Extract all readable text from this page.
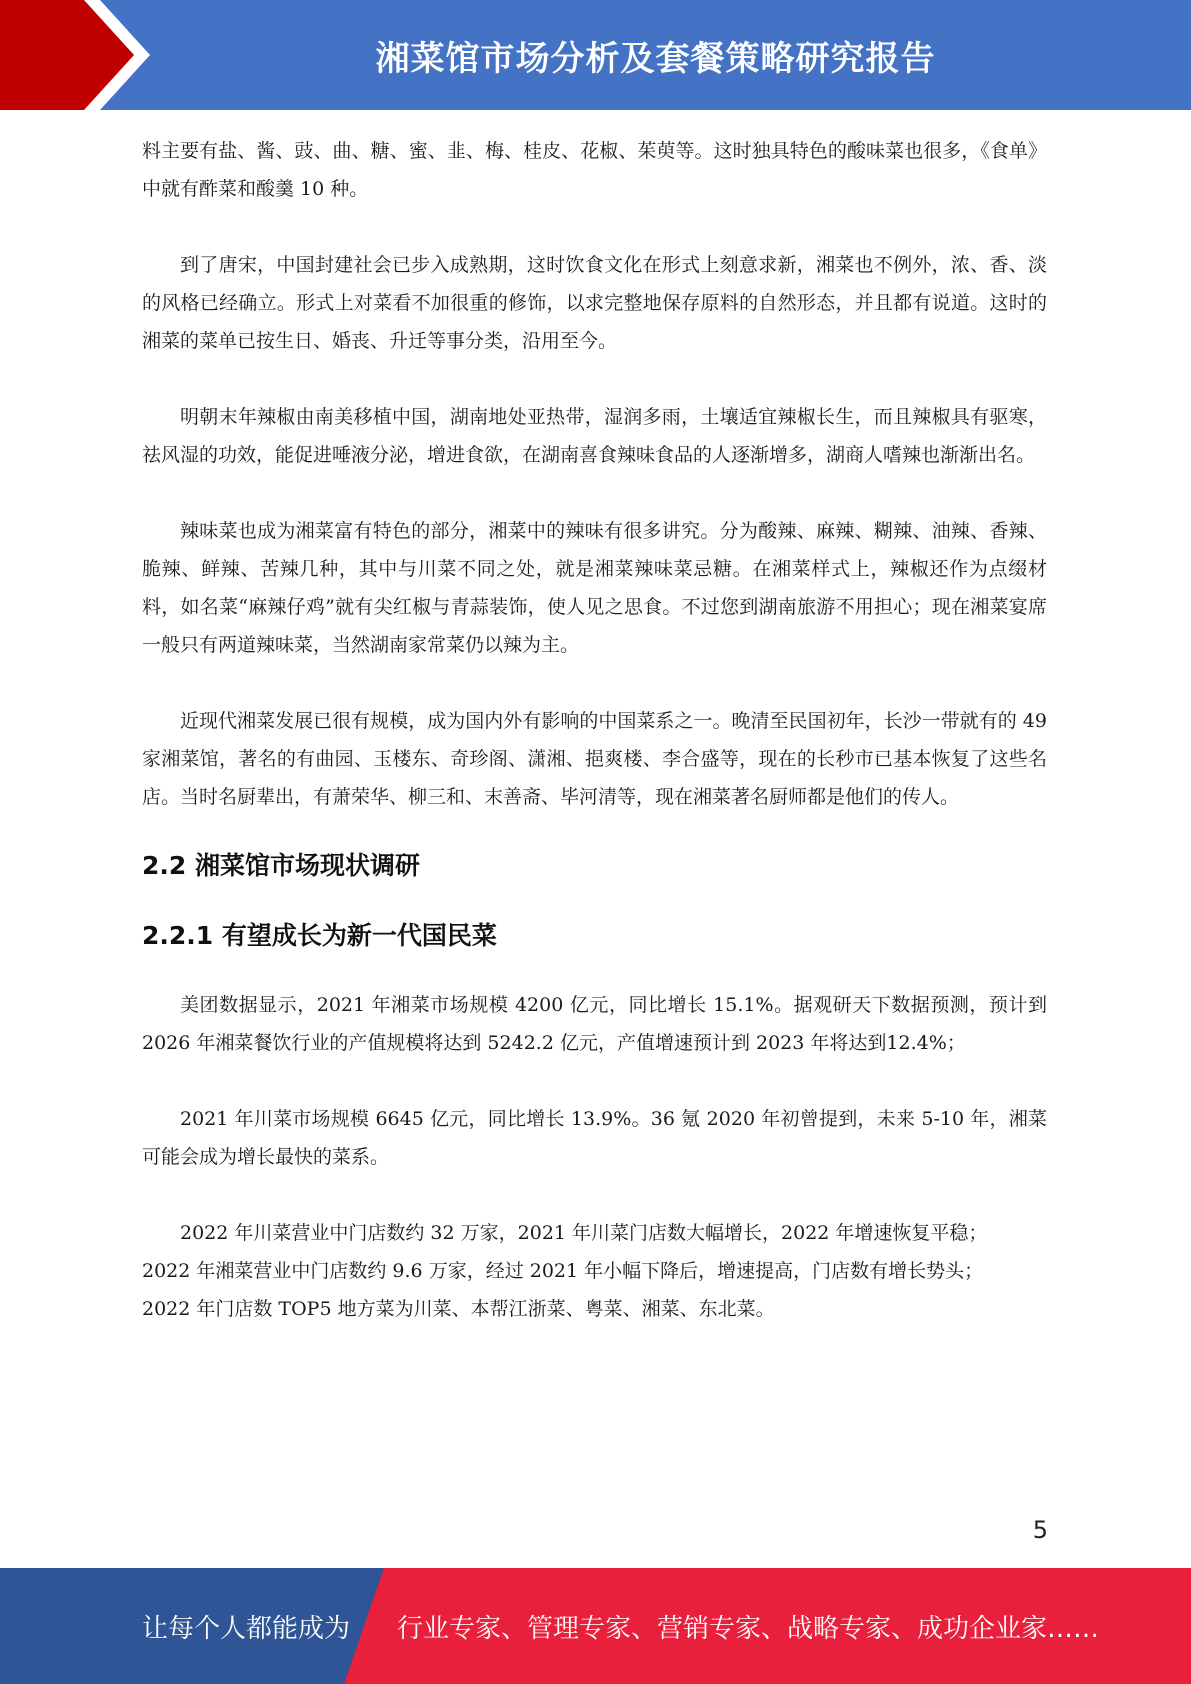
湘菜馆市场分析及套餐策略研究报告

料主要有盐、酱、豉、曲、糖、蜜、韭、梅、桂皮、花椒、茱萸等。这时独具特色的酸味菜也很多，《食单》中就有酢菜和酸羹 10 种。

到了唐宋，中国封建社会已步入成熟期，这时饮食文化在形式上刻意求新，湘菜也不例外，浓、香、淡的风格已经确立。形式上对菜看不加很重的修饰，以求完整地保存原料的自然形态，并且都有说道。这时的湘菜的菜单已按生日、婚丧、升迁等事分类，沿用至今。

明朝末年辣椒由南美移植中国，湖南地处亚热带，湿润多雨，土壤适宜辣椒长生，而且辣椒具有驱寒，祛风湿的功效，能促进唾液分泌，增进食欲，在湖南喜食辣味食品的人逐渐增多，湖商人嗜辣也渐渐出名。

辣味菜也成为湘菜富有特色的部分，湘菜中的辣味有很多讲究。分为酸辣、麻辣、糊辣、油辣、香辣、脆辣、鲜辣、苦辣几种，其中与川菜不同之处，就是湘菜辣味菜忌糖。在湘菜样式上，辣椒还作为点缀材料，如名菜“麻辣仔鸡”就有尖红椒与青蒜装饰，使人见之思食。不过您到湖南旅游不用担心；现在湘菜宴席一般只有两道辣味菜，当然湖南家常菜仍以辣为主。

近现代湘菜发展已很有规模，成为国内外有影响的中国菜系之一。晚清至民国初年，长沙一带就有的 49 家湘菜馆，著名的有曲园、玉楼东、奇珍阁、潇湘、挹爽楼、李合盛等，现在的长秒市已基本恢复了这些名店。当时名厨辈出，有萧荣华、柳三和、末善斋、毕河清等，现在湘菜著名厨师都是他们的传人。

2.2 湘菜馆市场现状调研
2.2.1 有望成长为新一代国民菜

美团数据显示，2021 年湘菜市场规模 4200 亿元，同比增长 15.1%。据观研天下数据预测，预计到 2026 年湘菜餐饮行业的产值规模将达到 5242.2 亿元，产值增速预计到 2023 年将达到12.4%；

2021 年川菜市场规模 6645 亿元，同比增长 13.9%。36 氪 2020 年初曾提到，未来 5-10 年，湘菜可能会成为增长最快的菜系。

2022 年川菜营业中门店数约 32 万家，2021 年川菜门店数大幅增长，2022 年增速恢复平稳；

2022 年湘菜营业中门店数约 9.6 万家，经过 2021 年小幅下降后，增速提高，门店数有增长势头；

2022 年门店数 TOP5 地方菜为川菜、本帮江浙菜、粤菜、湘菜、东北菜。

5
让每个人都能成为 行业专家、管理专家、营销专家、战略专家、成功企业家……
